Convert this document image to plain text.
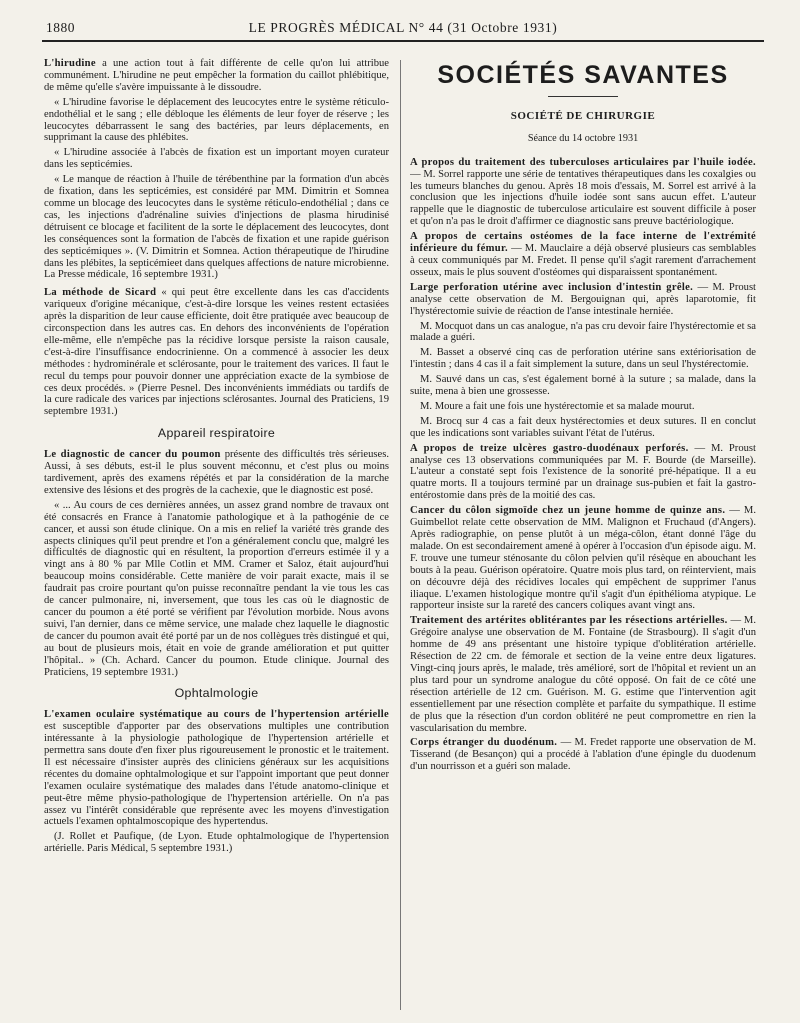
1880	LE PROGRÈS MÉDICAL N° 44 (31 Octobre 1931)

L'hirudine a une action tout à fait différente de celle qu'on lui attribue communément. L'hirudine ne peut empêcher la formation du caillot phlébitique, de même qu'elle s'avère impuissante à le dissoudre.

« L'hirudine favorise le déplacement des leucocytes entre le système réticulo-endothélial et le sang ; elle débloque les éléments de leur foyer de réserve ; les leucocytes débarrassent le sang des bactéries, par leurs déplacements, en supprimant la cause des phlébites.

« L'hirudine associée à l'abcès de fixation est un important moyen curateur dans les septicémies.

« Le manque de réaction à l'huile de térébenthine par la formation d'un abcès de fixation, dans les septicémies, est considéré par MM. Dimitrin et Somnea comme un blocage des leucocytes dans le système réticulo-endothélial ; dans ce cas, les injections d'adrénaline suivies d'injections de plasma hirudinisé détruisent ce blocage et facilitent de la sorte le déplacement des leucocytes, dont les conséquences sont la formation de l'abcès de fixation et une rapide guérison des septicémiques ». (V. Dimitrin et Somnea. Action thérapeutique de l'hirudine dans les plébites, la septicémieet dans quelques affections de nature microbienne. La Presse médicale, 16 septembre 1931.)

La méthode de Sicard « qui peut être excellente dans les cas d'accidents variqueux d'origine mécanique, c'est-à-dire lorsque les veines restent ectasiées après la disparition de leur cause efficiente, doit être pratiquée avec beaucoup de circonspection dans les autres cas. En dehors des inconvénients de l'opération elle-même, elle n'empêche pas la récidive lorsque persiste la raison causale, c'est-à-dire l'insuffisance endocrinienne. On a commencé à associer les deux méthodes : hydrominérale et sclérosante, pour le traitement des varices. Il faut le recul du temps pour pouvoir donner une appréciation exacte de la symbiose de ces deux procédés. » (Pierre Pesnel. Des inconvénients immédiats ou tardifs de la cure radicale des varices par injections sclérosantes. Journal des Praticiens, 19 septembre 1931.)

Appareil respiratoire

Le diagnostic de cancer du poumon présente des difficultés très sérieuses. Aussi, à ses débuts, est-il le plus souvent méconnu, et c'est plus ou moins tardivement, après des examens répétés et par la considération de la marche extensive des lésions et des progrès de la cachexie, que le diagnostic est posé.

« ... Au cours de ces dernières années, un assez grand nombre de travaux ont été consacrés en France à l'anatomie pathologique et à la pathogénie de ce cancer, et aussi son étude clinique. On a mis en relief la variété très grande des aspects cliniques qu'il peut prendre et l'on a généralement conclu que, malgré les difficultés de diagnostic qui en résultent, la proportion d'erreurs estimée il y a vingt ans à 80 % par Mlle Cotlin et MM. Cramer et Saloz, était aujourd'hui beaucoup moins considérable. Cette manière de voir parait exacte, mais il se faudrait pas croire pourtant qu'on puisse reconnaître pendant la vie tous les cas de cancer pulmonaire, ni, inversement, que tous les cas où le diagnostic de cancer du poumon a été porté se vérifient par l'évolution morbide. Nous avons suivi, l'an dernier, dans ce même service, une malade chez laquelle le diagnostic de cancer du poumon avait été porté par un de nos collègues très distingué et qui, au bout de plusieurs mois, était en voie de grande amélioration et put quitter l'hôpital.. » (Ch. Achard. Cancer du poumon. Etude clinique. Journal des Praticiens, 19 septembre 1931.)

Ophtalmologie

L'examen oculaire systématique au cours de l'hypertension artérielle est susceptible d'apporter par des observations multiples une contribution intéressante à la physiologie pathologique de l'hypertension artérielle et permettra sans doute d'en fixer plus rigoureusement le pronostic et le traitement. Il est nécessaire d'insister auprès des cliniciens généraux sur les acquisitions récentes du domaine ophtalmologique et sur l'appoint important que peut donner l'examen oculaire systématique des malades dans l'étude anatomo-clinique et peut-être même physio-pathologique de l'hypertension artérielle. On n'a pas assez vu l'intérêt considérable que représente avec les moyens d'investigation actuels l'examen ophtalmoscopique des hypertendus.

(J. Rollet et Paufique, (de Lyon. Etude ophtalmologique de l'hypertension artérielle. Paris Médical, 5 septembre 1931.)

SOCIÉTÉS SAVANTES
SOCIÉTÉ DE CHIRURGIE
Séance du 14 octobre 1931

A propos du traitement des tuberculoses articulaires par l'huile iodée. — M. Sorrel rapporte une série de tentatives thérapeutiques dans les coxalgies ou les tumeurs blanches du genou. Après 18 mois d'essais, M. Sorrel est arrivé à la conclusion que les injections d'huile iodée sont sans aucun effet. L'auteur rappelle que le diagnostic de tuberculose articulaire est souvent difficile à poser et qu'on n'a pas le droit d'affirmer ce diagnostic sans preuve bactériologique.

A propos de certains ostéomes de la face interne de l'extrémité inférieure du fémur. — M. Mauclaire a déjà observé plusieurs cas semblables à ceux communiqués par M. Fredet. Il pense qu'il s'agit rarement d'arrachement osseux, mais le plus souvent d'ostéomes qui disparaissent spontanément.

Large perforation utérine avec inclusion d'intestin grêle. — M. Proust analyse cette observation de M. Bergouignan qui, après laparotomie, fit l'hystérectomie suivie de réaction de l'anse intestinale herniée.

M. Mocquot dans un cas analogue, n'a pas cru devoir faire l'hystérectomie et sa malade a guéri.

M. Basset a observé cinq cas de perforation utérine sans extériorisation de l'intestin ; dans 4 cas il a fait simplement la suture, dans un seul l'hystérectomie.

M. Sauvé dans un cas, s'est également borné à la suture ; sa malade, dans la suite, mena à bien une grossesse.

M. Moure a fait une fois une hystérectomie et sa malade mourut.

M. Brocq sur 4 cas a fait deux hystérectomies et deux sutures. Il en conclut que les indications sont variables suivant l'état de l'utérus.

A propos de treize ulcères gastro-duodénaux perforés. — M. Proust analyse ces 13 observations communiquées par M. F. Bourde (de Marseille). L'auteur a constaté sept fois l'existence de la sonorité pré-hépatique. Il a eu quatre morts. Il a toujours terminé par un drainage sus-pubien et fait la gastro-entérostomie dans près de la moitié des cas.

Cancer du côlon sigmoïde chez un jeune homme de quinze ans. — M. Guimbellot relate cette observation de MM. Malignon et Fruchaud (d'Angers). Après radiographie, on pense plutôt à un méga-côlon, étant donné l'âge du malade. On est secondairement amené à opérer à l'occasion d'un épisode aigu. M. F. trouve une tumeur sténosante du côlon pelvien qu'il résèque en abouchant les bouts à la peau. Guérison opératoire. Quatre mois plus tard, on réintervient, mais on découvre déjà des récidives locales qui empêchent de supprimer l'anus iliaque. L'examen histologique montre qu'il s'agit d'un épithélioma atypique. Le rapporteur insiste sur la rareté des cancers coliques avant vingt ans.

Traitement des artérites oblitérantes par les résections artérielles. — M. Grégoire analyse une observation de M. Fontaine (de Strasbourg). Il s'agit d'un homme de 49 ans présentant une histoire typique d'oblitération artérielle. Résection de 22 cm. de fémorale et section de la veine entre deux ligatures. Vingt-cinq jours après, le malade, très amélioré, sort de l'hôpital et revient un an plus tard pour un syndrome analogue du côté opposé. On fait de ce côté une résection artérielle de 12 cm. Guérison. M. G. estime que l'intervention agit essentiellement par une résection complète et parfaite du sympathique. Il estime de plus que la résection d'un cordon oblitéré ne peut compromettre en rien la vascularisation du membre.

Corps étranger du duodénum. — M. Fredet rapporte une observation de M. Tisserand (de Besançon) qui a procédé à l'ablation d'une épingle du duodenum d'un nourrisson et a guéri son malade.
